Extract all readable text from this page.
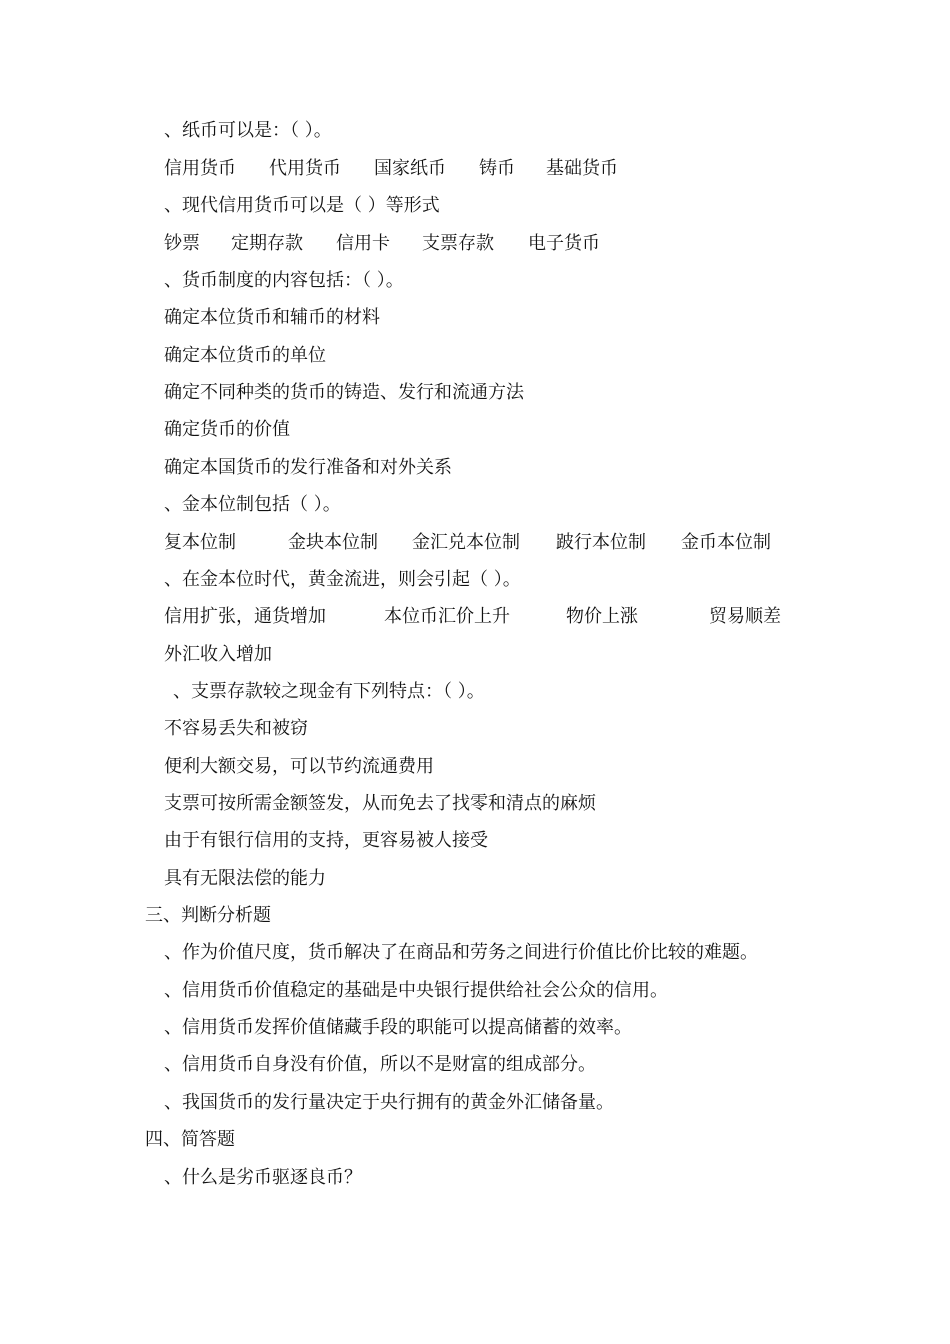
、纸币可以是：（ ）。
信用货币 代用货币 国家纸币 铸币 基础货币
、现代信用货币可以是（ ）等形式
钞票 定期存款 信用卡 支票存款 电子货币
、货币制度的内容包括：（ ）。
确定本位货币和辅币的材料
确定本位货币的单位
确定不同种类的货币的铸造、发行和流通方法
确定货币的价值
确定本国货币的发行准备和对外关系
、金本位制包括（ ）。
复本位制	金块本位制 金汇兑本位制 跛行本位制 金币本位制
、在金本位时代，黄金流进，则会引起（ ）。
信用扩张，通货增加	本位币汇价上升	物价上涨	贸易顺差
外汇收入增加
、支票存款较之现金有下列特点：（ ）。
不容易丢失和被窃
便利大额交易，可以节约流通费用
支票可按所需金额签发，从而免去了找零和清点的麻烦
由于有银行信用的支持，更容易被人接受
具有无限法偿的能力
三、判断分析题
、作为价值尺度，货币解决了在商品和劳务之间进行价值比价比较的难题。
、信用货币价值稳定的基础是中央银行提供给社会公众的信用。
、信用货币发挥价值储藏手段的职能可以提高储蓄的效率。
、信用货币自身没有价值，所以不是财富的组成部分。
、我国货币的发行量决定于央行拥有的黄金外汇储备量。
四、简答题
、什么是劣币驱逐良币？
